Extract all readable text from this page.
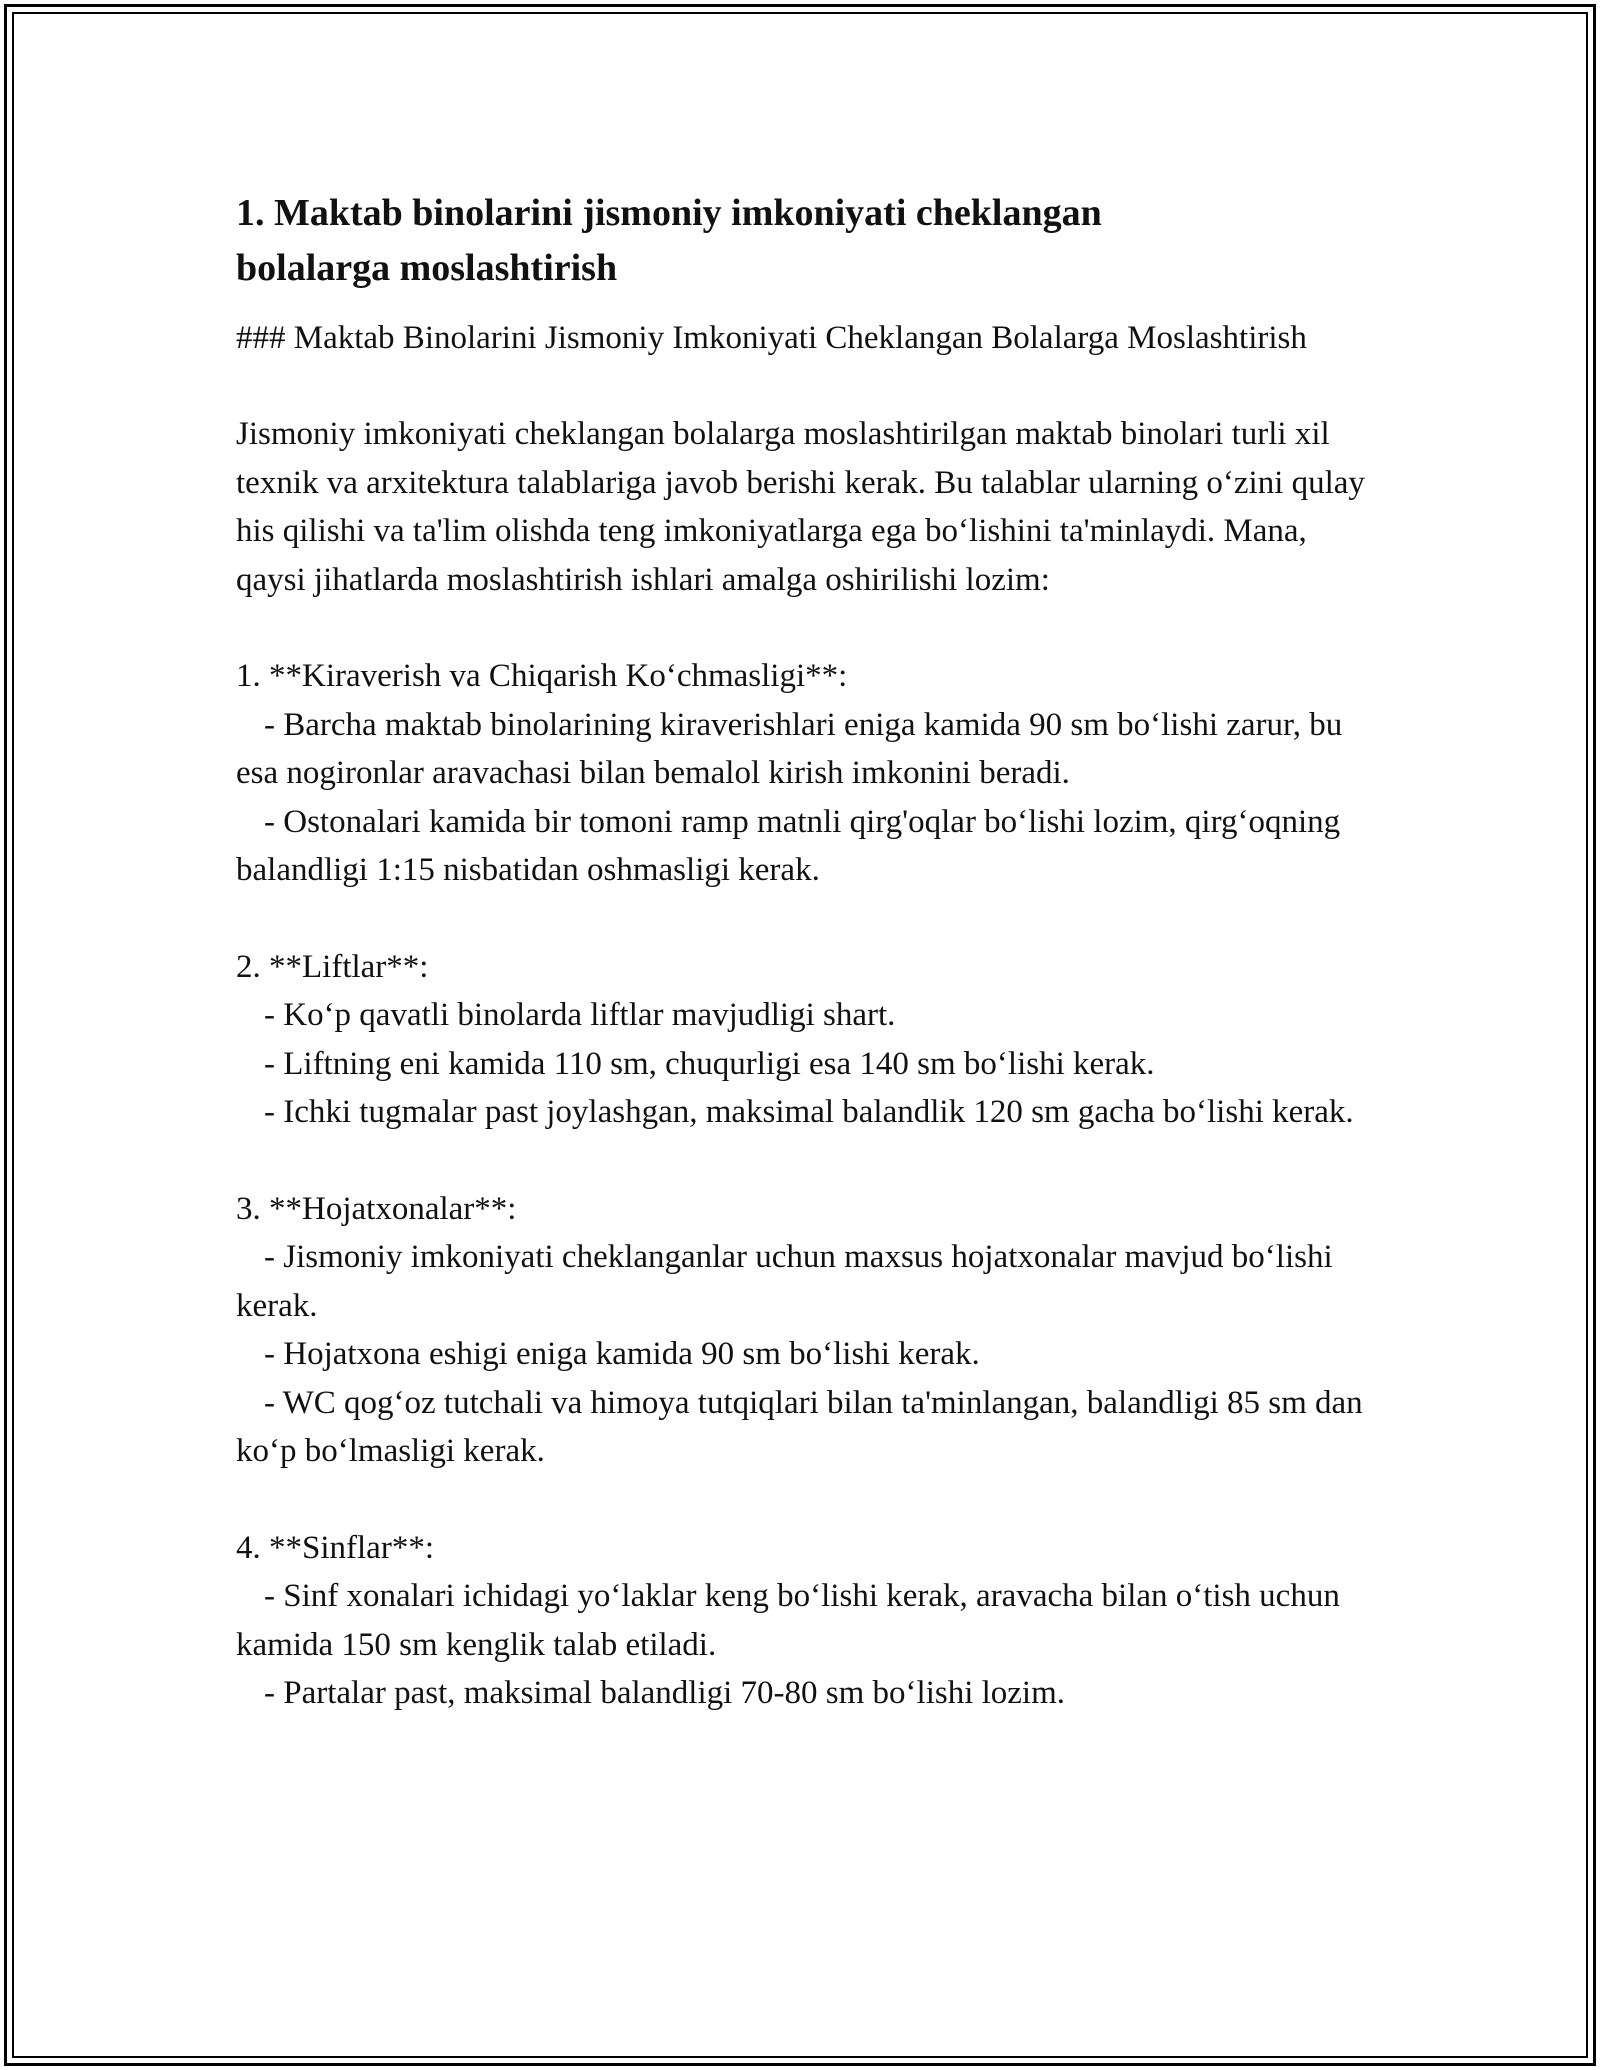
1. Maktab binolarini jismoniy imkoniyati cheklangan bolalarga moslashtirish

### Maktab Binolarini Jismoniy Imkoniyati Cheklangan Bolalarga Moslashtirish

Jismoniy imkoniyati cheklangan bolalarga moslashtirilgan maktab binolari turli xil texnik va arxitektura talablariga javob berishi kerak. Bu talablar ularning o‘zini qulay his qilishi va ta'lim olishda teng imkoniyatlarga ega bo‘lishini ta'minlaydi. Mana, qaysi jihatlarda moslashtirish ishlari amalga oshirilishi lozim:

1. **Kiraverish va Chiqarish Ko‘chmasligi**:

- Barcha maktab binolarining kiraverishlari eniga kamida 90 sm bo‘lishi zarur, bu esa nogironlar aravachasi bilan bemalol kirish imkonini beradi.

- Ostonalari kamida bir tomoni ramp matnli qirg'oqlar bo‘lishi lozim, qirg‘oqning balandligi 1:15 nisbatidan oshmasligi kerak.

2. **Liftlar**:

- Ko‘p qavatli binolarda liftlar mavjudligi shart.

- Liftning eni kamida 110 sm, chuqurligi esa 140 sm bo‘lishi kerak.

- Ichki tugmalar past joylashgan, maksimal balandlik 120 sm gacha bo‘lishi kerak.

3. **Hojatxonalar**:

- Jismoniy imkoniyati cheklanganlar uchun maxsus hojatxonalar mavjud bo‘lishi kerak.

- Hojatxona eshigi eniga kamida 90 sm bo‘lishi kerak.

- WC qog‘oz tutchali va himoya tutqiqlari bilan ta'minlangan, balandligi 85 sm dan ko‘p bo‘lmasligi kerak.

4. **Sinflar**:

- Sinf xonalari ichidagi yo‘laklar keng bo‘lishi kerak, aravacha bilan o‘tish uchun kamida 150 sm kenglik talab etiladi.

- Partalar past, maksimal balandligi 70-80 sm bo‘lishi lozim.
